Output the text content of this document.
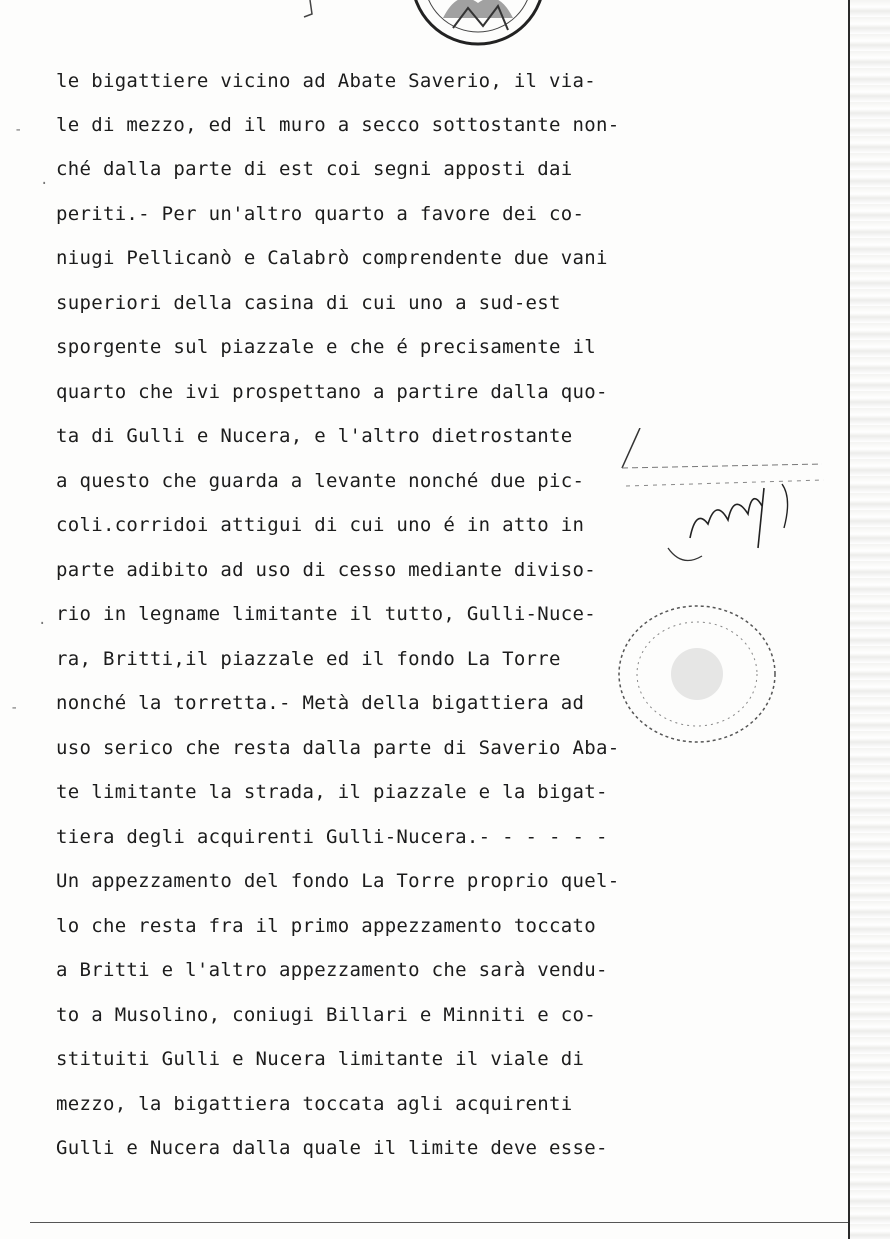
le bigattiere vicino ad Abate Saverio, il via-
le di mezzo, ed il muro a secco sottostante non-
ché dalla parte di est coi segni apposti dai
periti.- Per un'altro quarto a favore dei co-
niugi Pellicanò e Calabrò comprendente due vani
superiori della casina di cui uno a sud-est
sporgente sul piazzale e che é precisamente il
quarto che ivi prospettano a partire dalla quo-
ta di Gulli e Nucera, e l'altro dietrostante
a questo che guarda a levante nonché due pic-
coli.corridoi attigui di cui uno é in atto in
parte adibito ad uso di cesso mediante diviso-
rio in legname limitante il tutto, Gulli-Nuce-
ra, Britti,il piazzale ed il fondo La Torre
nonché la torretta.- Metà della bigattiera ad
uso serico che resta dalla parte di Saverio Aba-
te limitante la strada, il piazzale e la bigat-
tiera degli acquirenti Gulli-Nucera.- - - - - -
Un appezzamento del fondo La Torre proprio quel-
lo che resta fra il primo appezzamento toccato
a Britti e l'altro appezzamento che sarà vendu-
to a Musolino, coniugi Billari e Minniti e co-
stituiti Gulli e Nucera limitante il viale di
mezzo, la bigattiera toccata agli acquirenti
Gulli e Nucera dalla quale il limite deve esse-
-
.
-
.
